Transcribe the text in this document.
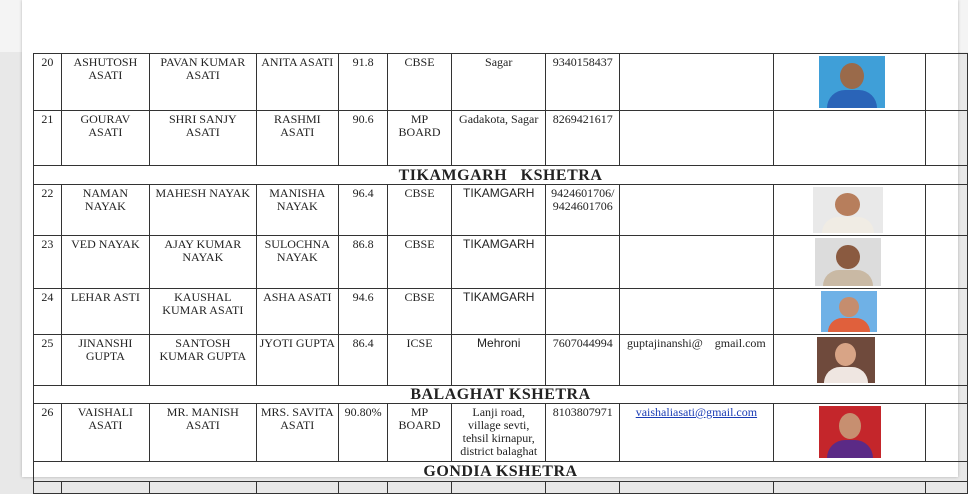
20	ASHUTOSH ASATI	PAVAN KUMAR ASATI	ANITA ASATI	91.8	CBSE	Sagar	9340158437		

21	GOURAV ASATI	SHRI SANJY ASATI	RASHMI ASATI	90.6	MP BOARD	Gadakota, Sagar	8269421617			
TIKAMGARH   KSHETRA										
22	NAMAN NAYAK	MAHESH NAYAK	MANISHA NAYAK	96.4	CBSE	TIKAMGARH	9424601706/ 9424601706		

23	VED NAYAK	AJAY KUMAR NAYAK	SULOCHNA NAYAK	86.8	CBSE	TIKAMGARH			

24	LEHAR ASTI	KAUSHAL KUMAR ASATI	ASHA ASATI	94.6	CBSE	TIKAMGARH			

25	JINANSHI GUPTA	SANTOSH KUMAR GUPTA	JYOTI GUPTA	86.4	ICSE	Mehroni	7607044994	guptajinanshi@    gmail.com	

BALAGHAT KSHETRA										
26	VAISHALI ASATI	MR. MANISH ASATI	MRS. SAVITA ASATI	90.80%	MP BOARD	Lanji road, village sevti, tehsil kirnapur, district balaghat	8103807971	vaishaliasati@gmail.com	

GONDIA KSHETRA										
